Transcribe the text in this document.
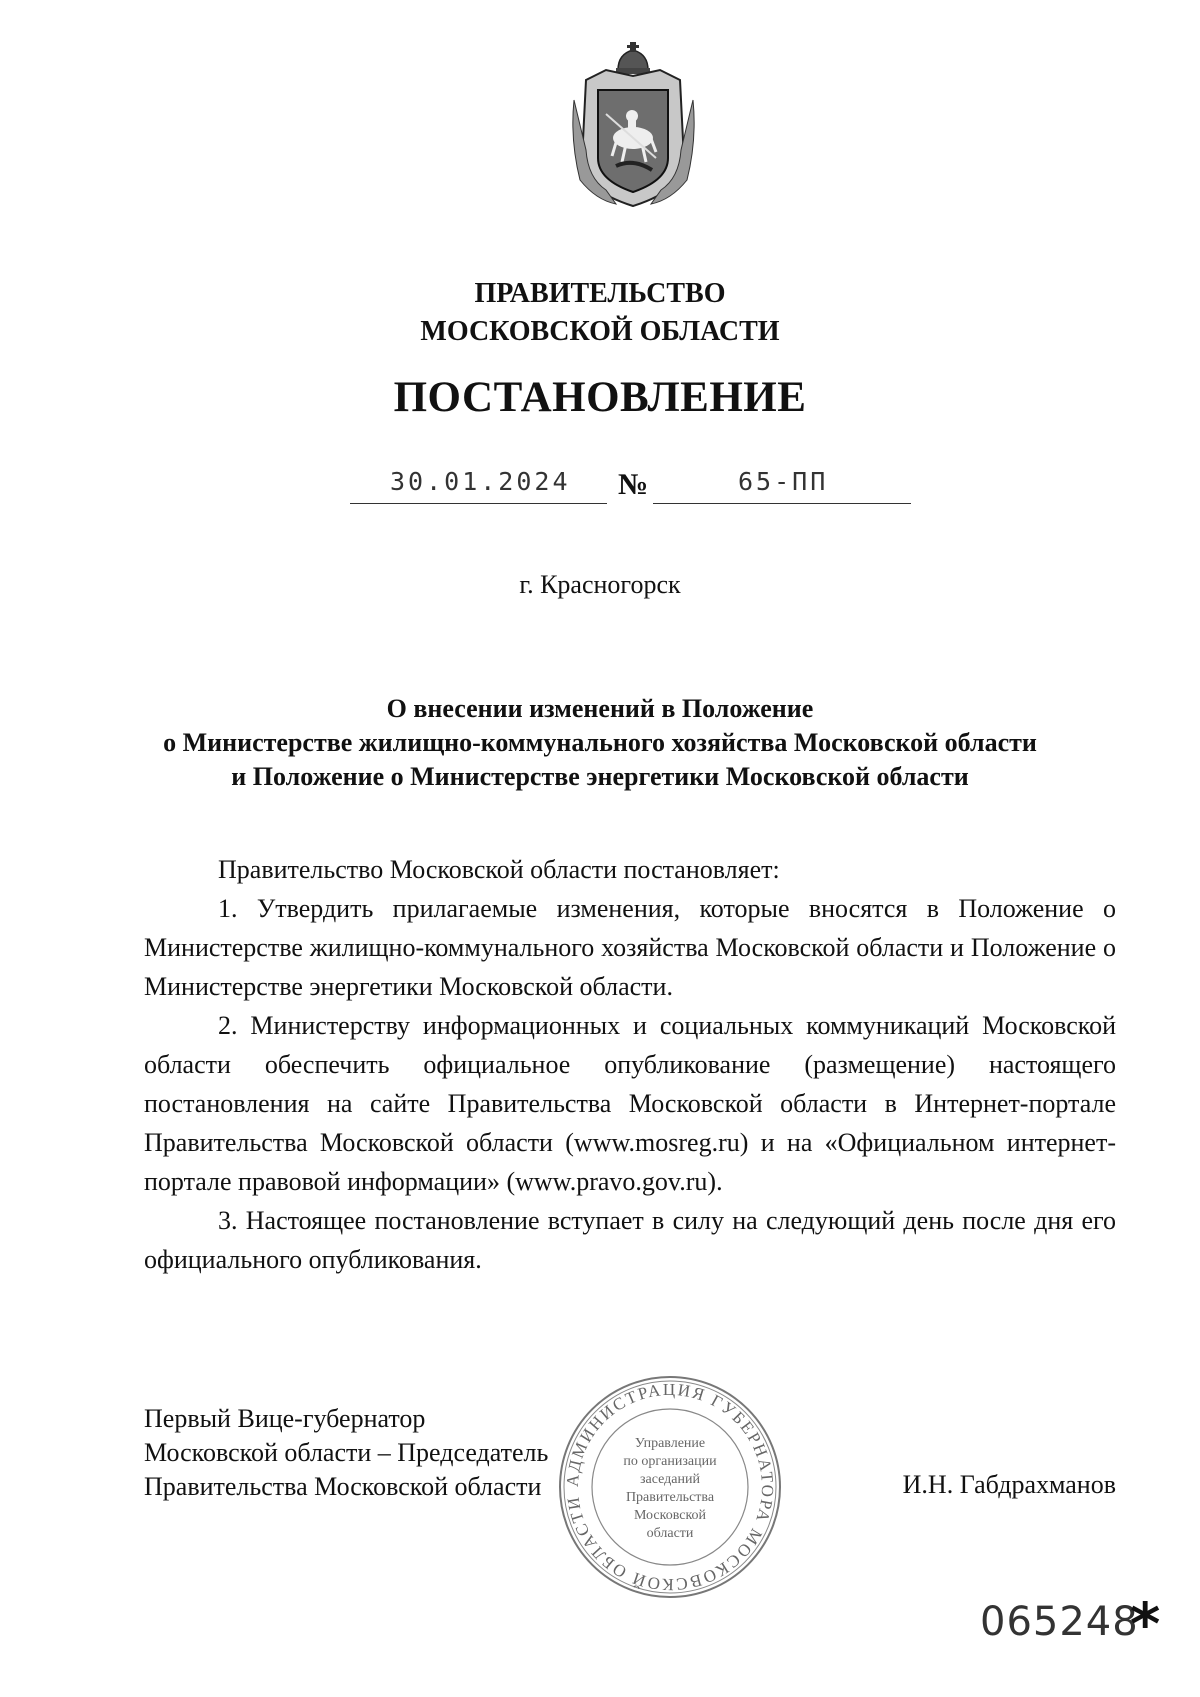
ПРАВИТЕЛЬСТВО
МОСКОВСКОЙ ОБЛАСТИ
ПОСТАНОВЛЕНИЕ
30.01.2024 №	65-ПП
г. Красногорск
О внесении изменений в Положение
о Министерстве жилищно-коммунального хозяйства Московской области
и Положение о Министерстве энергетики Московской области

Правительство Московской области постановляет:

1. Утвердить прилагаемые изменения, которые вносятся в Положение о Министерстве жилищно-коммунального хозяйства Московской области и Положение о Министерстве энергетики Московской области.

2. Министерству информационных и социальных коммуникаций Московской области обеспечить официальное опубликование (размещение) настоящего постановления на сайте Правительства Московской области в Интернет-портале Правительства Московской области (www.mosreg.ru) и на «Официальном интернет-портале правовой информации» (www.pravo.gov.ru).

3. Настоящее постановление вступает в силу на следующий день после дня его официального опубликования.

Первый Вице-губернатор
Московской области – Председатель
Правительства Московской области	И.Н. Габдрахманов
АДМИНИСТРАЦИЯ ГУБЕРНАТОРА МОСКОВСКОЙ ОБЛАСТИ
Управление
по организации
заседаний
Правительства
Московской
области
065248
*
